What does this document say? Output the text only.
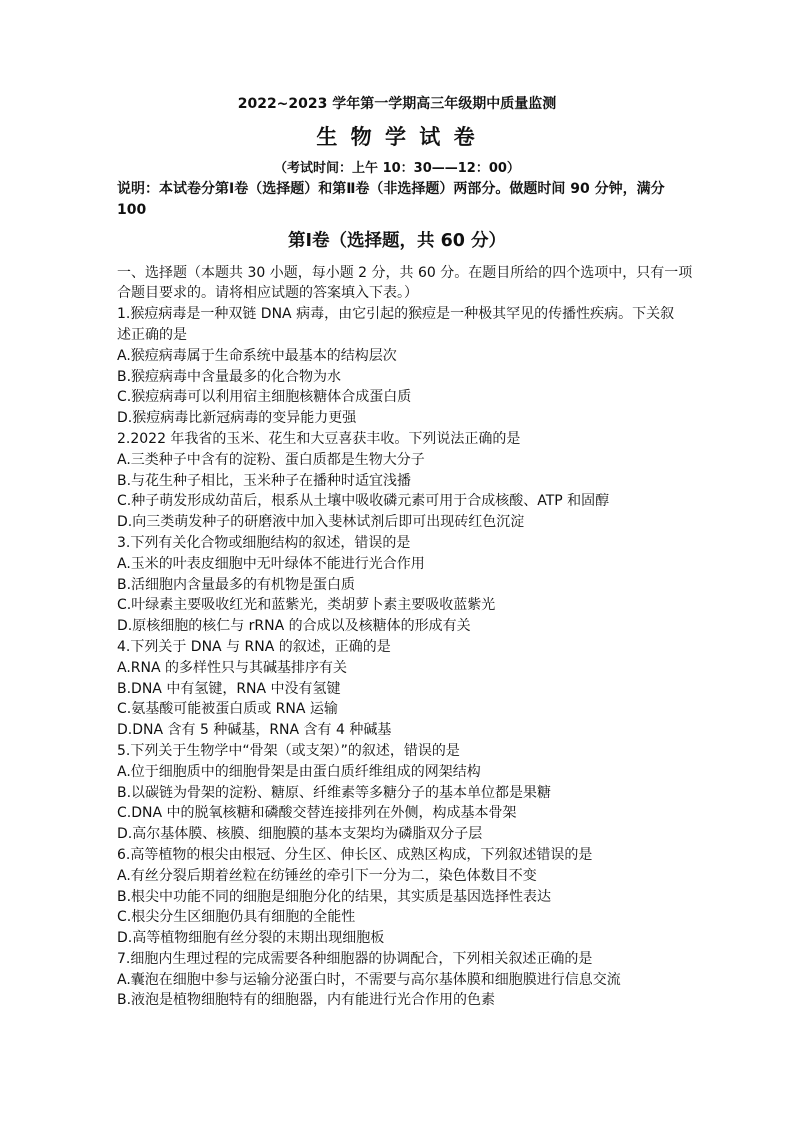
2022~2023 学年第一学期高三年级期中质量监测
生 物 学 试 卷
（考试时间：上午 10：30——12：00）
说明：本试卷分第Ⅰ卷（选择题）和第Ⅱ卷（非选择题）两部分。做题时间 90 分钟，满分
100
第Ⅰ卷（选择题，共 60 分）
一、选择题（本题共 30 小题，每小题 2 分，共 60 分。在题目所给的四个选项中，只有一项
合题目要求的。请将相应试题的答案填入下表。）
1.猴痘病毒是一种双链 DNA 病毒，由它引起的猴痘是一种极其罕见的传播性疾病。下关叙
述正确的是
A.猴痘病毒属于生命系统中最基本的结构层次
B.猴痘病毒中含量最多的化合物为水
C.猴痘病毒可以利用宿主细胞核糖体合成蛋白质
D.猴痘病毒比新冠病毒的变异能力更强
2.2022 年我省的玉米、花生和大豆喜获丰收。下列说法正确的是
A.三类种子中含有的淀粉、蛋白质都是生物大分子
B.与花生种子相比，玉米种子在播种时适宜浅播
C.种子萌发形成幼苗后，根系从土壤中吸收磷元素可用于合成核酸、ATP 和固醇
D.向三类萌发种子的研磨液中加入斐林试剂后即可出现砖红色沉淀
3.下列有关化合物或细胞结构的叙述，错误的是
A.玉米的叶表皮细胞中无叶绿体不能进行光合作用
B.活细胞内含量最多的有机物是蛋白质
C.叶绿素主要吸收红光和蓝紫光，类胡萝卜素主要吸收蓝紫光
D.原核细胞的核仁与 rRNA 的合成以及核糖体的形成有关
4.下列关于 DNA 与 RNA 的叙述，正确的是
A.RNA 的多样性只与其碱基排序有关
B.DNA 中有氢键，RNA 中没有氢键
C.氨基酸可能被蛋白质或 RNA 运输
D.DNA 含有 5 种碱基，RNA 含有 4 种碱基
5.下列关于生物学中“骨架（或支架）”的叙述，错误的是
A.位于细胞质中的细胞骨架是由蛋白质纤维组成的网架结构
B.以碳链为骨架的淀粉、糖原、纤维素等多糖分子的基本单位都是果糖
C.DNA 中的脱氧核糖和磷酸交替连接排列在外侧，构成基本骨架
D.高尔基体膜、核膜、细胞膜的基本支架均为磷脂双分子层
6.高等植物的根尖由根冠、分生区、伸长区、成熟区构成，下列叙述错误的是
A.有丝分裂后期着丝粒在纺锤丝的牵引下一分为二，染色体数目不变
B.根尖中功能不同的细胞是细胞分化的结果，其实质是基因选择性表达
C.根尖分生区细胞仍具有细胞的全能性
D.高等植物细胞有丝分裂的末期出现细胞板
7.细胞内生理过程的完成需要各种细胞器的协调配合，下列相关叙述正确的是
A.囊泡在细胞中参与运输分泌蛋白时，不需要与高尔基体膜和细胞膜进行信息交流
B.液泡是植物细胞特有的细胞器，内有能进行光合作用的色素
